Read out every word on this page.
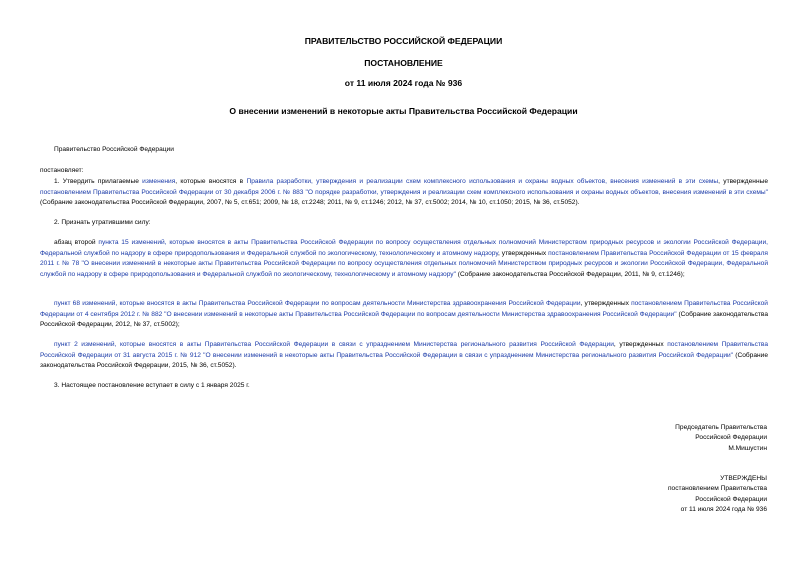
ПРАВИТЕЛЬСТВО РОССИЙСКОЙ ФЕДЕРАЦИИ
ПОСТАНОВЛЕНИЕ
от 11 июля 2024 года № 936
О внесении изменений в некоторые акты Правительства Российской Федерации
Правительство Российской Федерации
постановляет:
1. Утвердить прилагаемые изменения, которые вносятся в Правила разработки, утверждения и реализации схем комплексного использования и охраны водных объектов, внесения изменений в эти схемы, утвержденные постановлением Правительства Российской Федерации от 30 декабря 2006 г. № 883 "О порядке разработки, утверждения и реализации схем комплексного использования и охраны водных объектов, внесения изменений в эти схемы" (Собрание законодательства Российской Федерации, 2007, № 5, ст.651; 2009, № 18, ст.2248; 2011, № 9, ст.1246; 2012, № 37, ст.5002; 2014, № 10, ст.1050; 2015, № 36, ст.5052).
2. Признать утратившими силу:
абзац второй пункта 15 изменений, которые вносятся в акты Правительства Российской Федерации по вопросу осуществления отдельных полномочий Министерством природных ресурсов и экологии Российской Федерации, Федеральной службой по надзору в сфере природопользования и Федеральной службой по экологическому, технологическому и атомному надзору, утвержденных постановлением Правительства Российской Федерации от 15 февраля 2011 г. № 78 "О внесении изменений в некоторые акты Правительства Российской Федерации по вопросу осуществления отдельных полномочий Министерством природных ресурсов и экологии Российской Федерации, Федеральной службой по надзору в сфере природопользования и Федеральной службой по экологическому, технологическому и атомному надзору" (Собрание законодательства Российской Федерации, 2011, № 9, ст.1246);
пункт 68 изменений, которые вносятся в акты Правительства Российской Федерации по вопросам деятельности Министерства здравоохранения Российской Федерации, утвержденных постановлением Правительства Российской Федерации от 4 сентября 2012 г. № 882 "О внесении изменений в некоторые акты Правительства Российской Федерации по вопросам деятельности Министерства здравоохранения Российской Федерации" (Собрание законодательства Российской Федерации, 2012, № 37, ст.5002);
пункт 2 изменений, которые вносятся в акты Правительства Российской Федерации в связи с упразднением Министерства регионального развития Российской Федерации, утвержденных постановлением Правительства Российской Федерации от 31 августа 2015 г. № 912 "О внесении изменений в некоторые акты Правительства Российской Федерации в связи с упразднением Министерства регионального развития Российской Федерации" (Собрание законодательства Российской Федерации, 2015, № 36, ст.5052).
3. Настоящее постановление вступает в силу с 1 января 2025 г.
Председатель Правительства
Российской Федерации
М.Мишустин
УТВЕРЖДЕНЫ
постановлением Правительства
Российской Федерации
от 11 июля 2024 года № 936
